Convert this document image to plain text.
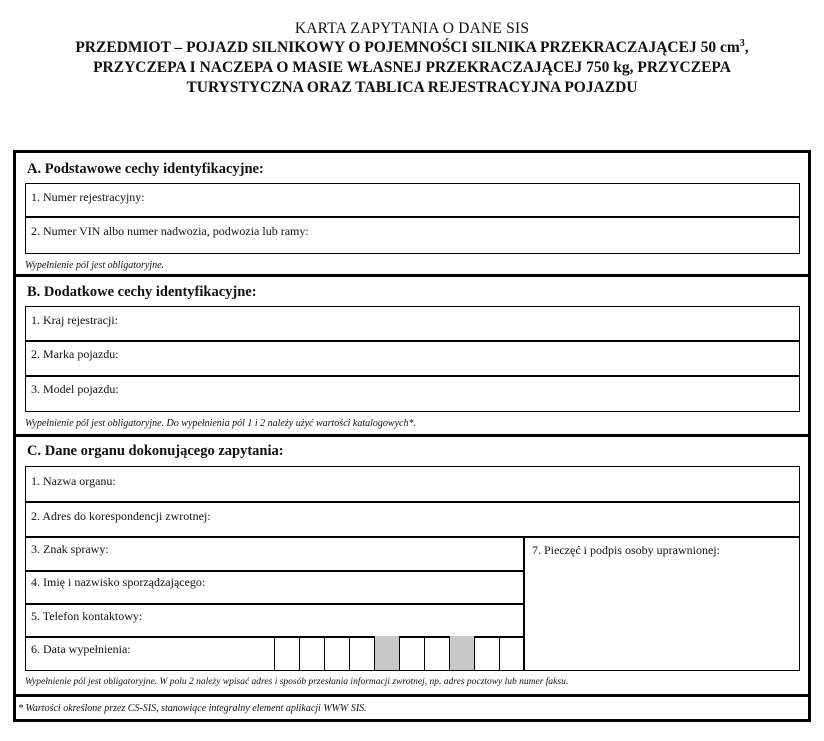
KARTA ZAPYTANIA O DANE SIS
PRZEDMIOT – POJAZD SILNIKOWY O POJEMNOŚCI SILNIKA PRZEKRACZAJĄCEJ 50 $cm^3$,
PRZYCZEPA I NACZEPA O MASIE WŁASNEJ PRZEKRACZAJĄCEJ 750 kg, PRZYCZEPA
TURYSTYCZNA ORAZ TABLICA REJESTRACYJNA POJAZDU
A. Podstawowe cechy identyfikacyjne:
1. Numer rejestracyjny:
2. Numer VIN albo numer nadwozia, podwozia lub ramy:
Wypełnienie pól jest obligatoryjne.
B. Dodatkowe cechy identyfikacyjne:
1. Kraj rejestracji:
2. Marka pojazdu:
3. Model pojazdu:
Wypełnienie pól jest obligatoryjne. Do wypełnienia pól 1 i 2 należy użyć wartości katalogowych*.
C. Dane organu dokonującego zapytania:
1. Nazwa organu:
2. Adres do korespondencji zwrotnej:
3. Znak sprawy:
4. Imię i nazwisko sporządzającego:
5. Telefon kontaktowy:
6. Data wypełnienia:
7. Pieczęć i podpis osoby uprawnionej:
Wypełnienie pól jest obligatoryjne. W polu 2 należy wpisać adres i sposób przesłania informacji zwrotnej, np. adres pocztowy lub numer faksu.
* Wartości określone przez CS-SIS, stanowiące integralny element aplikacji WWW SIS.
